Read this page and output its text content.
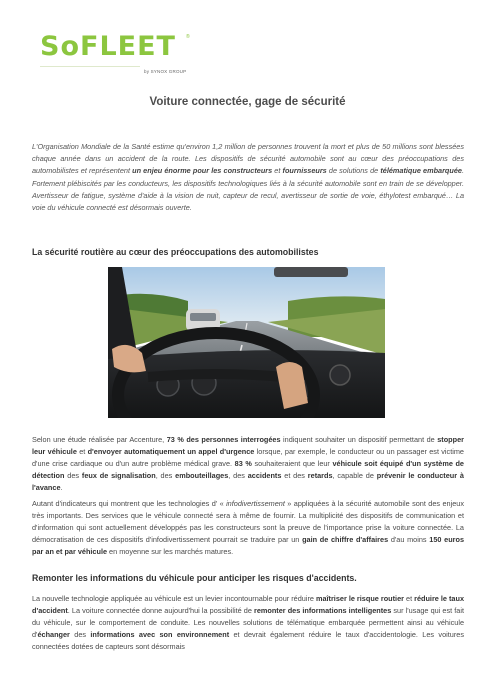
SoFLEET ®
by SYNOX GROUP
Voiture connectée, gage de sécurité
L'Organisation Mondiale de la Santé estime qu'environ 1,2 million de personnes trouvent la mort et plus de 50 millions sont blessées chaque année dans un accident de la route. Les dispositifs de sécurité automobile sont au cœur des préoccupations des automobilistes et représentent un enjeu énorme pour les constructeurs et fournisseurs de solutions de télématique embarquée. Fortement plébiscités par les conducteurs, les dispositifs technologiques liés à la sécurité automobile sont en train de se développer. Avertisseur de fatigue, système d'aide à la vision de nuit, capteur de recul, avertisseur de sortie de voie, éthylotest embarqué… La voie du véhicule connecté est désormais ouverte.
La sécurité routière au cœur des préoccupations des automobilistes
Selon une étude réalisée par Accenture, 73 % des personnes interrogées indiquent souhaiter un dispositif permettant de stopper leur véhicule et d'envoyer automatiquement un appel d'urgence lorsque, par exemple, le conducteur ou un passager est victime d'une crise cardiaque ou d'un autre problème médical grave. 83 % souhaiteraient que leur véhicule soit équipé d'un système de détection des feux de signalisation, des embouteillages, des accidents et des retards, capable de prévenir le conducteur à l'avance.
Autant d'indicateurs qui montrent que les technologies d' « infodivertissement » appliquées à la sécurité automobile sont des enjeux très importants. Des services que le véhicule connecté sera à même de fournir. La multiplicité des dispositifs de communication et d'information qui sont actuellement développés pas les constructeurs sont la preuve de l'importance prise la voiture connectée. La démocratisation de ces dispositifs d'infodivertissement pourrait se traduire par un gain de chiffre d'affaires d'au moins 150 euros par an et par véhicule en moyenne sur les marchés matures.
Remonter les informations du véhicule pour anticiper les risques d'accidents.
La nouvelle technologie appliquée au véhicule est un levier incontournable pour réduire maîtriser le risque routier et réduire le taux d'accident. La voiture connectée donne aujourd'hui la possibilité de remonter des informations intelligentes sur l'usage qui est fait du véhicule, sur le comportement de conduite. Les nouvelles solutions de télématique embarquée permettent ainsi au véhicule d'échanger des informations avec son environnement et devrait également réduire le taux d'accidentologie. Les voitures connectées dotées de capteurs sont désormais
